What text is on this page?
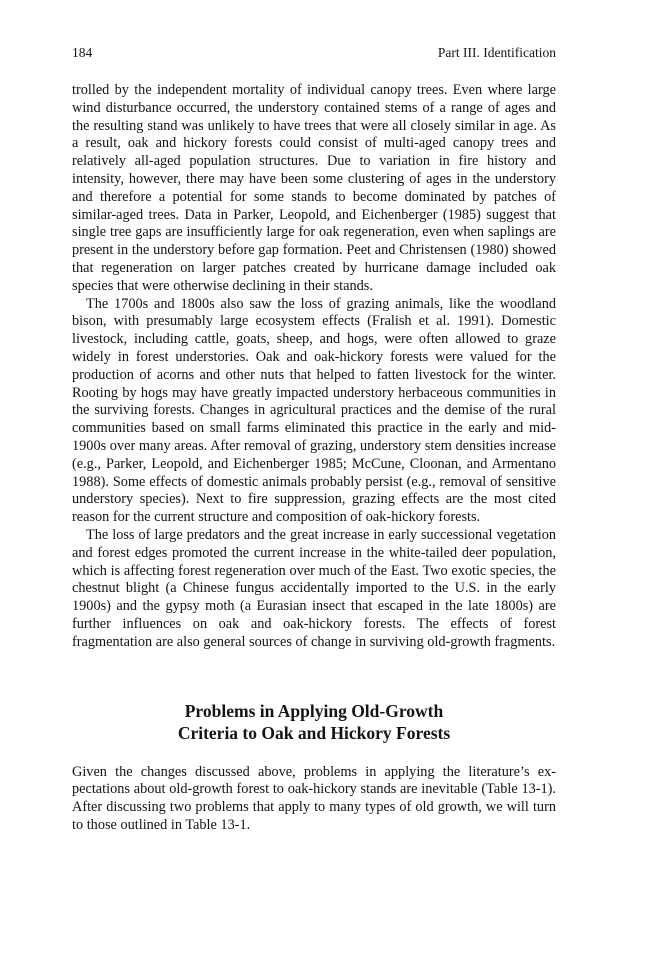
184	Part III. Identification

trolled by the independent mortality of individual canopy trees. Even where large wind disturbance occurred, the understory contained stems of a range of ages and the resulting stand was unlikely to have trees that were all closely similar in age. As a result, oak and hickory forests could consist of multi-aged canopy trees and relatively all-aged population structures. Due to variation in fire history and intensity, however, there may have been some clustering of ages in the understory and therefore a potential for some stands to become dominated by patches of similar-aged trees. Data in Parker, Leopold, and Eichenberger (1985) suggest that single tree gaps are insufficiently large for oak regeneration, even when saplings are present in the understory before gap formation. Peet and Christensen (1980) showed that regeneration on larger patches created by hurricane damage included oak species that were otherwise declining in their stands.

The 1700s and 1800s also saw the loss of grazing animals, like the woodland bison, with presumably large ecosystem effects (Fralish et al. 1991). Domestic livestock, including cattle, goats, sheep, and hogs, were often allowed to graze widely in forest understories. Oak and oak-hickory forests were valued for the production of acorns and other nuts that helped to fatten livestock for the winter. Rooting by hogs may have greatly impacted understory herbaceous communities in the surviving forests. Changes in agricultural practices and the demise of the rural communities based on small farms eliminated this practice in the early and mid-1900s over many areas. After removal of grazing, understory stem densities increase (e.g., Parker, Leopold, and Eichenberger 1985; McCune, Cloonan, and Armentano 1988). Some effects of domestic animals probably persist (e.g., removal of sensitive understory species). Next to fire suppression, grazing effects are the most cited reason for the current structure and composition of oak-hickory forests.

The loss of large predators and the great increase in early successional vegetation and forest edges promoted the current increase in the white-tailed deer population, which is affecting forest regeneration over much of the East. Two exotic species, the chestnut blight (a Chinese fungus accidentally imported to the U.S. in the early 1900s) and the gypsy moth (a Eurasian insect that escaped in the late 1800s) are further influences on oak and oak-hickory forests. The effects of forest fragmentation are also general sources of change in surviving old-growth fragments.

Problems in Applying Old-Growth
Criteria to Oak and Hickory Forests

Given the changes discussed above, problems in applying the literature’s expectations about old-growth forest to oak-hickory stands are inevitable (Table 13-1). After discussing two problems that apply to many types of old growth, we will turn to those outlined in Table 13-1.
